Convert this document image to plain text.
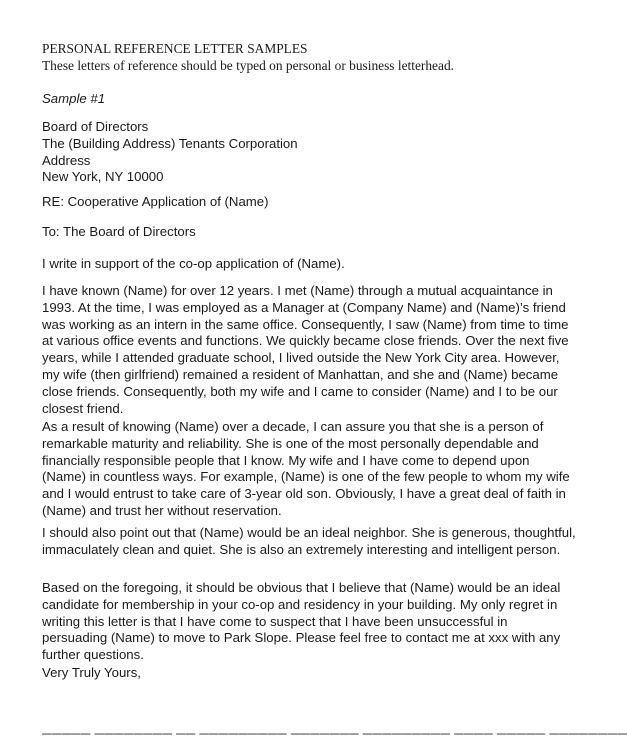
PERSONAL REFERENCE LETTER SAMPLES
These letters of reference should be typed on personal or business letterhead.
Sample #1
Board of Directors
The (Building Address) Tenants Corporation
Address
New York, NY 10000
RE: Cooperative Application of (Name)
To: The Board of Directors
I write in support of the co-op application of (Name).
I have known (Name) for over 12 years. I met (Name) through a mutual acquaintance in
1993. At the time, I was employed as a Manager at (Company Name) and (Name)’s friend
was working as an intern in the same office. Consequently, I saw (Name) from time to time
at various office events and functions. We quickly became close friends. Over the next five
years, while I attended graduate school, I lived outside the New York City area. However,
my wife (then girlfriend) remained a resident of Manhattan, and she and (Name) became
close friends. Consequently, both my wife and I came to consider (Name) and I to be our
closest friend.
As a result of knowing (Name) over a decade, I can assure you that she is a person of
remarkable maturity and reliability. She is one of the most personally dependable and
financially responsible people that I know. My wife and I have come to depend upon
(Name) in countless ways. For example, (Name) is one of the few people to whom my wife
and I would entrust to take care of 3-year old son. Obviously, I have a great deal of faith in
(Name) and trust her without reservation.
I should also point out that (Name) would be an ideal neighbor. She is generous, thoughtful,
immaculately clean and quiet. She is also an extremely interesting and intelligent person.
Based on the foregoing, it should be obvious that I believe that (Name) would be an ideal
candidate for membership in your co-op and residency in your building. My only regret in
writing this letter is that I have come to suspect that I have been unsuccessful in
persuading (Name) to move to Park Slope. Please feel free to contact me at xxx with any
further questions.
Very Truly Yours,
▁▁▁▁▁ ▁▁▁▁▁▁▁▁ ▁▁ ▁▁▁▁▁▁▁▁▁ ▁▁▁▁▁▁▁ ▁▁▁▁▁▁▁▁▁ ▁▁▁▁ ▁▁▁▁▁ ▁▁▁▁▁▁▁▁
